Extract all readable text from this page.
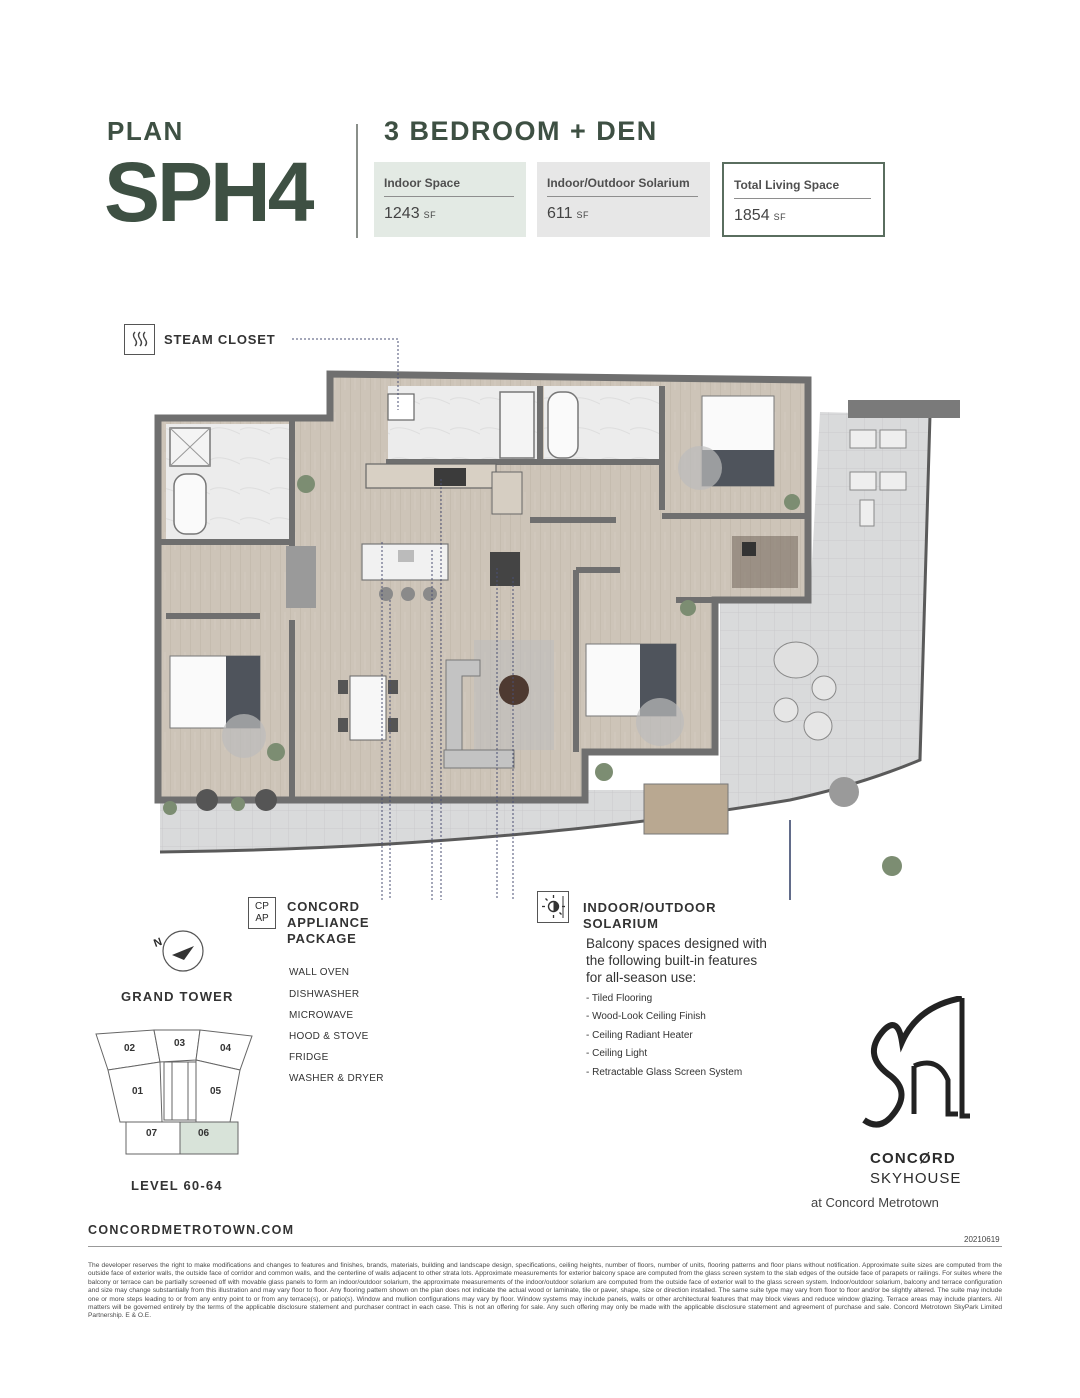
PLAN
SPH4
3 BEDROOM + DEN
Indoor Space
1243 SF
Indoor/Outdoor Solarium
611 SF
Total Living Space
1854 SF
STEAM CLOSET
CP
AP
CONCORD
APPLIANCE
PACKAGE
WALL OVEN
DISHWASHER
MICROWAVE
HOOD & STOVE
FRIDGE
WASHER & DRYER
INDOOR/OUTDOOR
SOLARIUM
Balcony spaces designed with
the following built-in features
for all-season use:
- Tiled Flooring
- Wood-Look Ceiling Finish
- Ceiling Radiant Heater
- Ceiling Light
- Retractable Glass Screen System
N
GRAND TOWER
02	03	04
01	05
07	06
LEVEL 60-64
CONCØRD
SKYHOUSE
at Concord Metrotown
CONCORDMETROTOWN.COM
20210619
The developer reserves the right to make modifications and changes to features and finishes, brands, materials, building and landscape design, specifications, ceiling heights, number of floors, number of units, flooring patterns and floor plans without notification. Approximate suite sizes are computed from the outside face of exterior walls, the outside face of corridor and common walls, and the centerline of walls adjacent to other strata lots. Approximate measurements for exterior balcony space are computed from the glass screen system to the slab edges of the outside face of parapets or railings. For suites where the balcony or terrace can be partially screened off with movable glass panels to form an indoor/outdoor solarium, the approximate measurements of the indoor/outdoor solarium are computed from the outside face of exterior wall to the glass screen system. Indoor/outdoor solarium, balcony and terrace configuration and size may change substantially from this illustration and may vary floor to floor. Any flooring pattern shown on the plan does not indicate the actual wood or laminate, tile or paver, shape, size or direction installed. The same suite type may vary from floor to floor and/or be slightly altered. The suite may include one or more steps leading to or from any entry point to or from any terrace(s), or patio(s). Window and mullion configurations may vary by floor. Window systems may include panels, walls or other architectural features that may block views and reduce window glazing. Terrace areas may include planters. All matters will be governed entirely by the terms of the applicable disclosure statement and purchaser contract in each case. This is not an offering for sale. Any such offering may only be made with the applicable disclosure statement and agreement of purchase and sale. Concord Metrotown SkyPark Limited Partnership. E & O.E.
